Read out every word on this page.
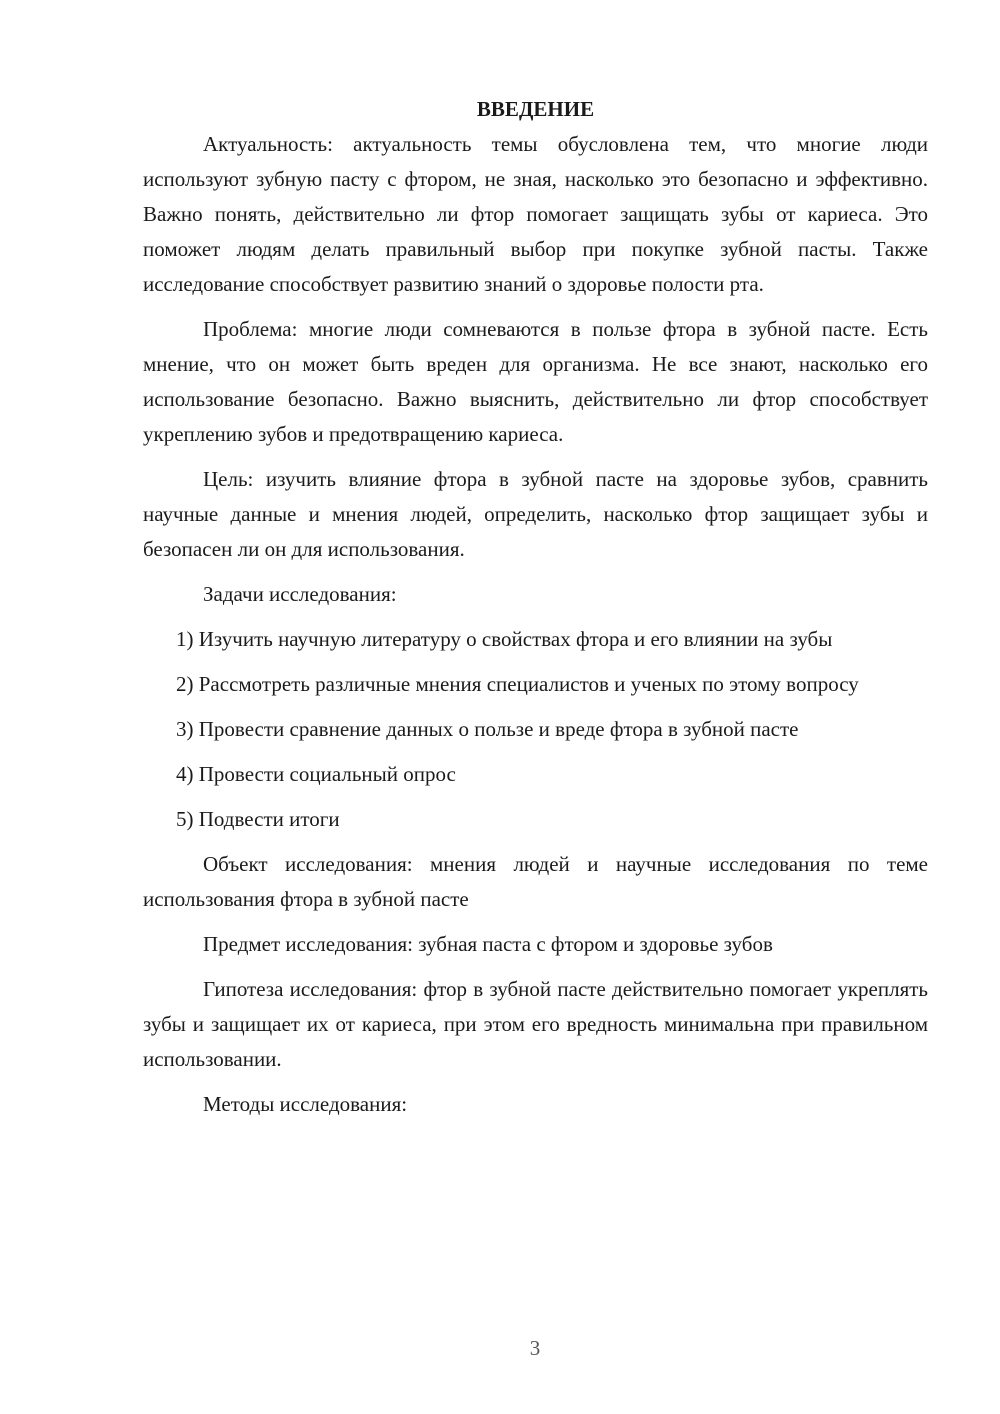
ВВЕДЕНИЕ

Актуальность: актуальность темы обусловлена тем, что многие люди используют зубную пасту с фтором, не зная, насколько это безопасно и эффективно. Важно понять, действительно ли фтор помогает защищать зубы от кариеса. Это поможет людям делать правильный выбор при покупке зубной пасты. Также исследование способствует развитию знаний о здоровье полости рта.

Проблема: многие люди сомневаются в пользе фтора в зубной пасте. Есть мнение, что он может быть вреден для организма. Не все знают, насколько его использование безопасно. Важно выяснить, действительно ли фтор способствует укреплению зубов и предотвращению кариеса.

Цель: изучить влияние фтора в зубной пасте на здоровье зубов, сравнить научные данные и мнения людей, определить, насколько фтор защищает зубы и безопасен ли он для использования.

Задачи исследования:

1) Изучить научную литературу о свойствах фтора и его влиянии на зубы

2) Рассмотреть различные мнения специалистов и ученых по этому вопросу

3) Провести сравнение данных о пользе и вреде фтора в зубной пасте

4) Провести социальный опрос

5) Подвести итоги

Объект исследования: мнения людей и научные исследования по теме использования фтора в зубной пасте

Предмет исследования: зубная паста с фтором и здоровье зубов

Гипотеза исследования: фтор в зубной пасте действительно помогает укреплять зубы и защищает их от кариеса, при этом его вредность минимальна при правильном использовании.

Методы исследования:

3
